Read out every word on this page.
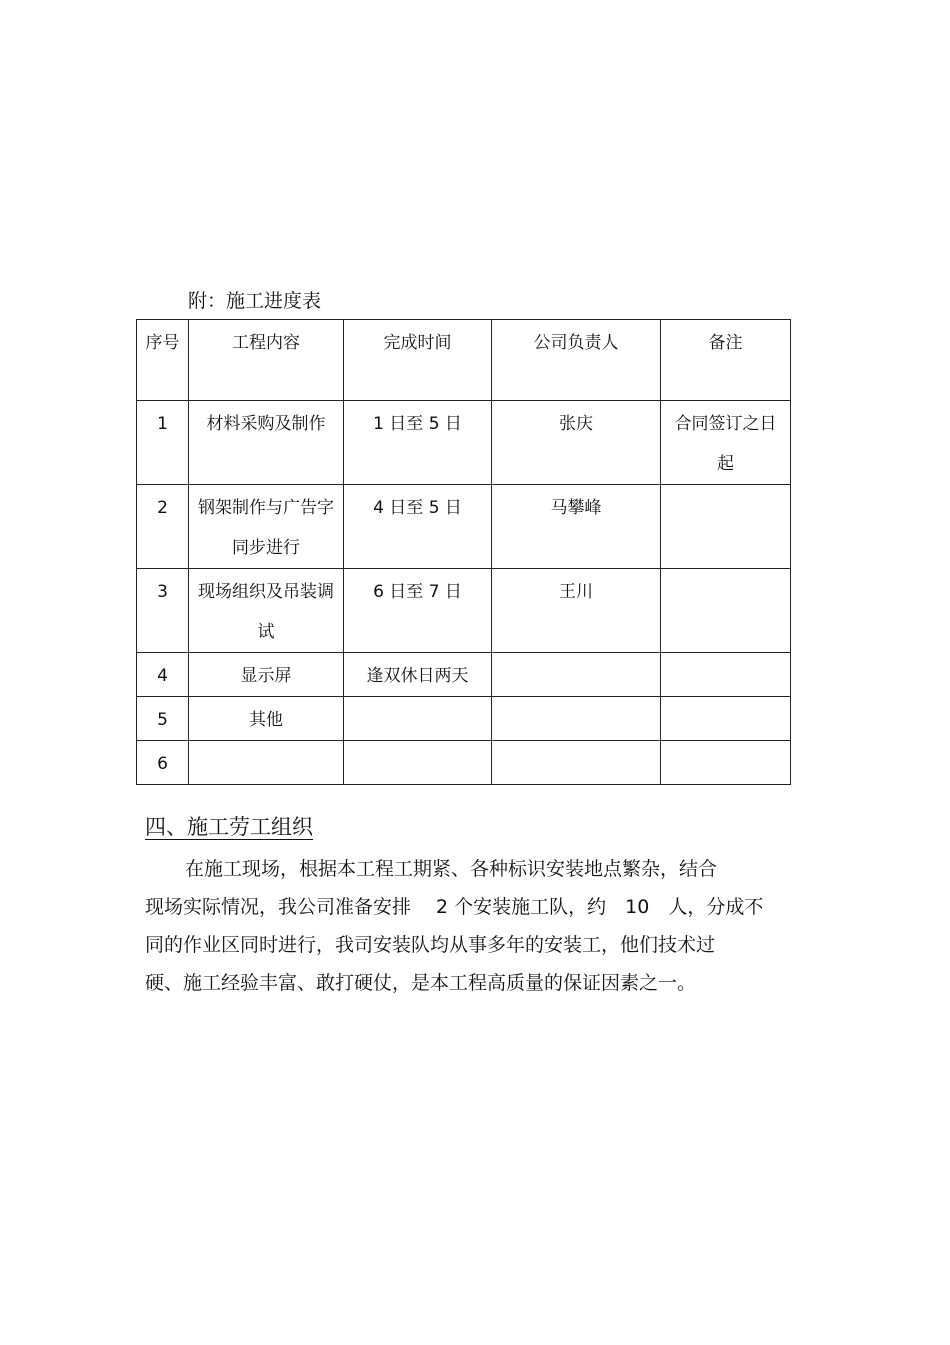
附：施工进度表
序号	工程内容	完成时间	公司负责人	备注

1	材料采购及制作	1 日至 5 日	张庆	合同签订之日起

2	钢架制作与广告字同步进行	4 日至 5 日	马攀峰	

3	现场组织及吊装调试	6 日至 7 日	王川	

4	显示屏	逢双休日两天		

5	其他			

6				

四、施工劳工组织
在施工现场，根据本工程工期紧、各种标识安装地点繁杂，结合
现场实际情况，我公司准备安排　 2 个安装施工队，约　10　人，分成不
同的作业区同时进行，我司安装队均从事多年的安装工，他们技术过
硬、施工经验丰富、敢打硬仗，是本工程高质量的保证因素之一。
